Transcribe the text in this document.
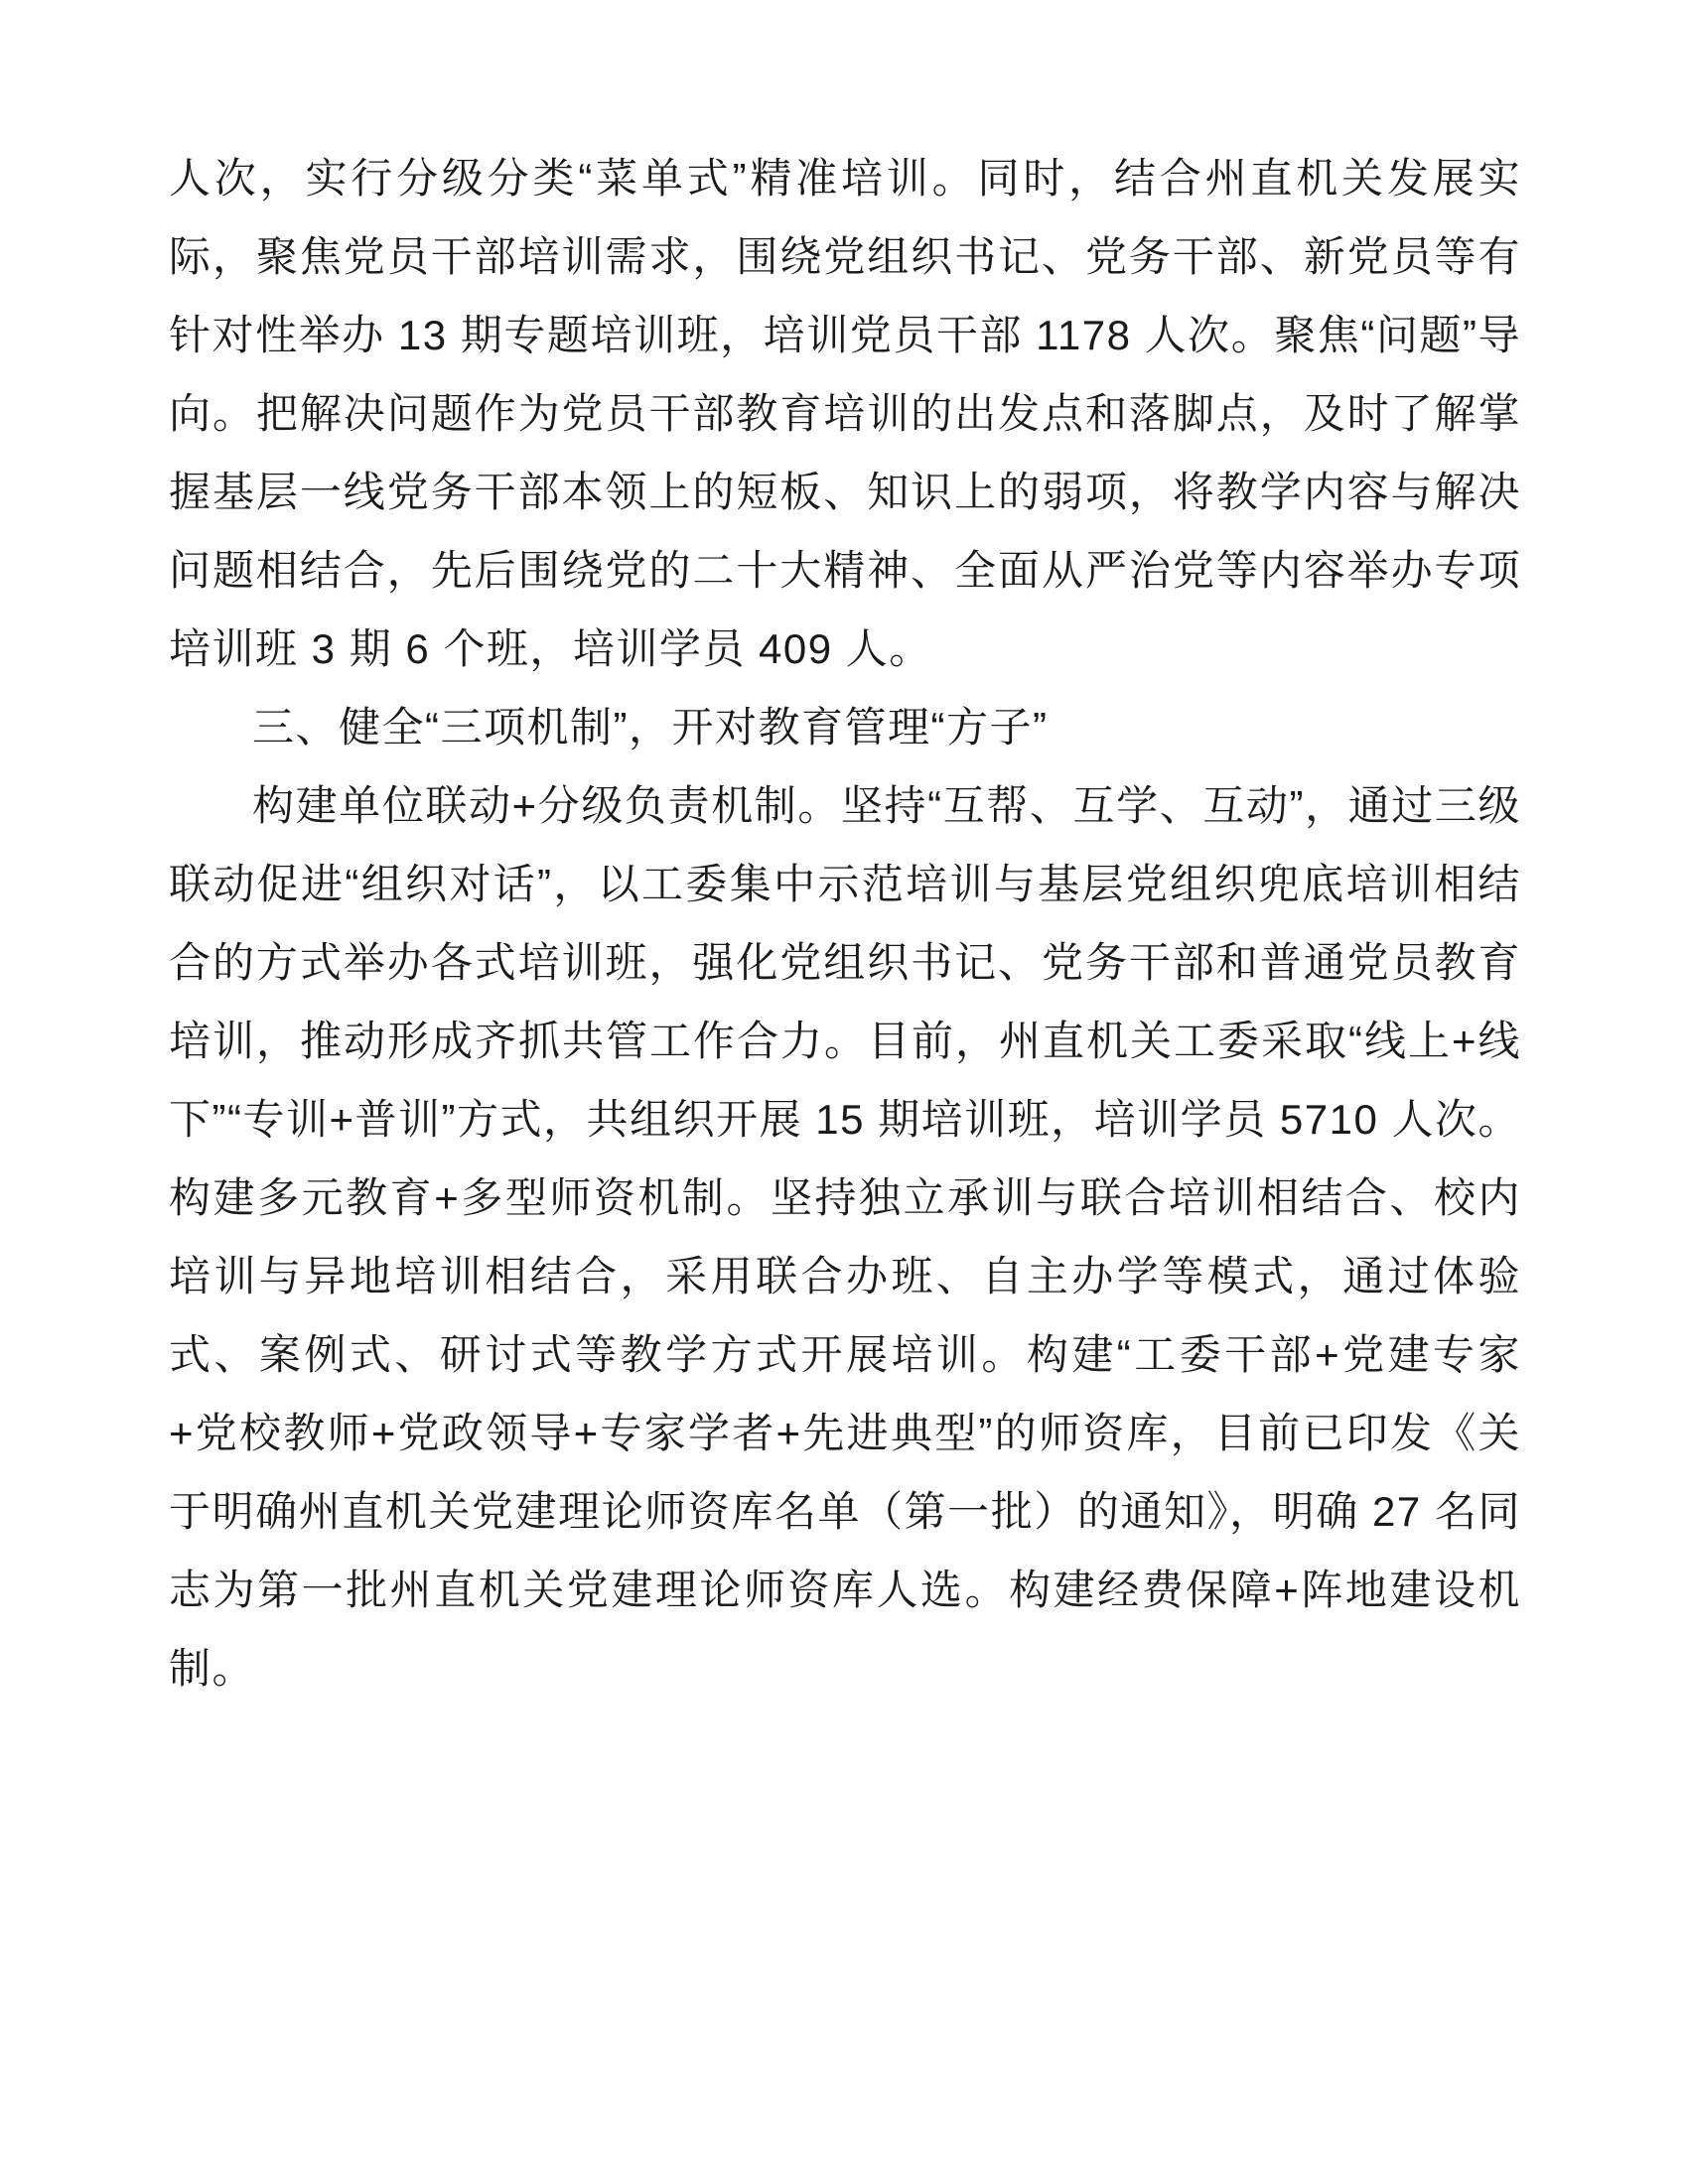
人次，实行分级分类“菜单式”精准培训。同时，结合州直机关发展实际，聚焦党员干部培训需求，围绕党组织书记、党务干部、新党员等有针对性举办 13 期专题培训班，培训党员干部 1178 人次。聚焦“问题”导向。把解决问题作为党员干部教育培训的出发点和落脚点，及时了解掌握基层一线党务干部本领上的短板、知识上的弱项，将教学内容与解决问题相结合，先后围绕党的二十大精神、全面从严治党等内容举办专项培训班 3 期 6 个班，培训学员 409 人。

三、健全“三项机制”，开对教育管理“方子”

构建单位联动+分级负责机制。坚持“互帮、互学、互动”，通过三级联动促进“组织对话”，以工委集中示范培训与基层党组织兜底培训相结合的方式举办各式培训班，强化党组织书记、党务干部和普通党员教育培训，推动形成齐抓共管工作合力。目前，州直机关工委采取“线上+线下”“专训+普训”方式，共组织开展 15 期培训班，培训学员 5710 人次。构建多元教育+多型师资机制。坚持独立承训与联合培训相结合、校内培训与异地培训相结合，采用联合办班、自主办学等模式，通过体验式、案例式、研讨式等教学方式开展培训。构建“工委干部+党建专家+党校教师+党政领导+专家学者+先进典型”的师资库，目前已印发《关于明确州直机关党建理论师资库名单（第一批）的通知》，明确 27 名同志为第一批州直机关党建理论师资库人选。构建经费保障+阵地建设机制。
